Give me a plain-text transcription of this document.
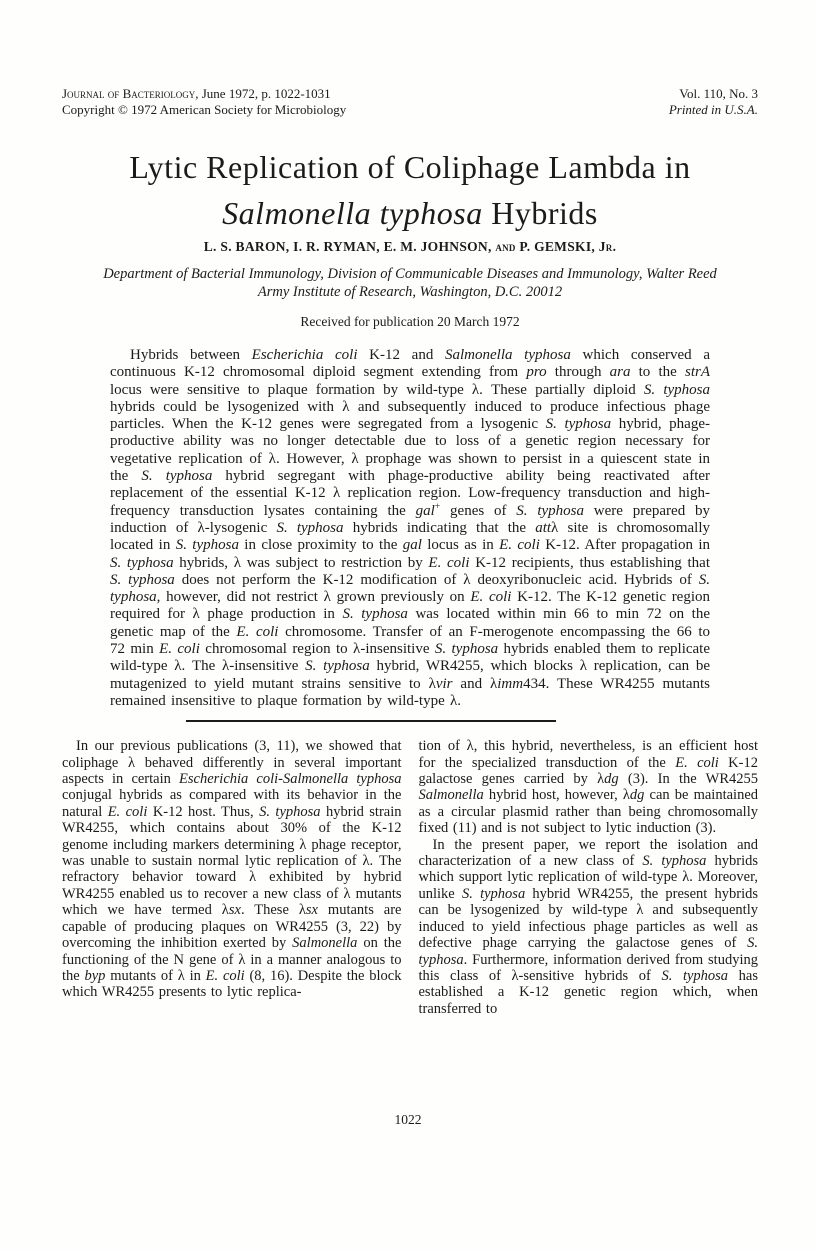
Journal of Bacteriology, June 1972, p. 1022-1031
Copyright © 1972 American Society for Microbiology
Vol. 110, No. 3
Printed in U.S.A.
Lytic Replication of Coliphage Lambda in
Salmonella typhosa Hybrids
L. S. BARON, I. R. RYMAN, E. M. JOHNSON, and P. GEMSKI, Jr.
Department of Bacterial Immunology, Division of Communicable Diseases and Immunology, Walter Reed
Army Institute of Research, Washington, D.C. 20012
Received for publication 20 March 1972

Hybrids between Escherichia coli K-12 and Salmonella typhosa which conserved a continuous K-12 chromosomal diploid segment extending from pro through ara to the strA locus were sensitive to plaque formation by wild-type λ. These partially diploid S. typhosa hybrids could be lysogenized with λ and subsequently induced to produce infectious phage particles. When the K-12 genes were segregated from a lysogenic S. typhosa hybrid, phage-productive ability was no longer detectable due to loss of a genetic region necessary for vegetative replication of λ. However, λ prophage was shown to persist in a quiescent state in the S. typhosa hybrid segregant with phage-productive ability being reactivated after replacement of the essential K-12 λ replication region. Low-frequency transduction and high-frequency transduction lysates containing the gal+ genes of S. typhosa were prepared by induction of λ-lysogenic S. typhosa hybrids indicating that the attλ site is chromosomally located in S. typhosa in close proximity to the gal locus as in E. coli K-12. After propagation in S. typhosa hybrids, λ was subject to restriction by E. coli K-12 recipients, thus establishing that S. typhosa does not perform the K-12 modification of λ deoxyribonucleic acid. Hybrids of S. typhosa, however, did not restrict λ grown previously on E. coli K-12. The K-12 genetic region required for λ phage production in S. typhosa was located within min 66 to min 72 on the genetic map of the E. coli chromosome. Transfer of an F-merogenote encompassing the 66 to 72 min E. coli chromosomal region to λ-insensitive S. typhosa hybrids enabled them to replicate wild-type λ. The λ-insensitive S. typhosa hybrid, WR4255, which blocks λ replication, can be mutagenized to yield mutant strains sensitive to λvir and λimm434. These WR4255 mutants remained insensitive to plaque formation by wild-type λ.

In our previous publications (3, 11), we showed that coliphage λ behaved differently in several important aspects in certain Escherichia coli-Salmonella typhosa conjugal hybrids as compared with its behavior in the natural E. coli K-12 host. Thus, S. typhosa hybrid strain WR4255, which contains about 30% of the K-12 genome including markers determining λ phage receptor, was unable to sustain normal lytic replication of λ. The refractory behavior toward λ exhibited by hybrid WR4255 enabled us to recover a new class of λ mutants which we have termed λsx. These λsx mutants are capable of producing plaques on WR4255 (3, 22) by overcoming the inhibition exerted by Salmonella on the functioning of the N gene of λ in a manner analogous to the byp mutants of λ in E. coli (8, 16). Despite the block which WR4255 presents to lytic replica-

tion of λ, this hybrid, nevertheless, is an efficient host for the specialized transduction of the E. coli K-12 galactose genes carried by λdg (3). In the WR4255 Salmonella hybrid host, however, λdg can be maintained as a circular plasmid rather than being chromosomally fixed (11) and is not subject to lytic induction (3).

In the present paper, we report the isolation and characterization of a new class of S. typhosa hybrids which support lytic replication of wild-type λ. Moreover, unlike S. typhosa hybrid WR4255, the present hybrids can be lysogenized by wild-type λ and subsequently induced to yield infectious phage particles as well as defective phage carrying the galactose genes of S. typhosa. Furthermore, information derived from studying this class of λ-sensitive hybrids of S. typhosa has established a K-12 genetic region which, when transferred to

1022
